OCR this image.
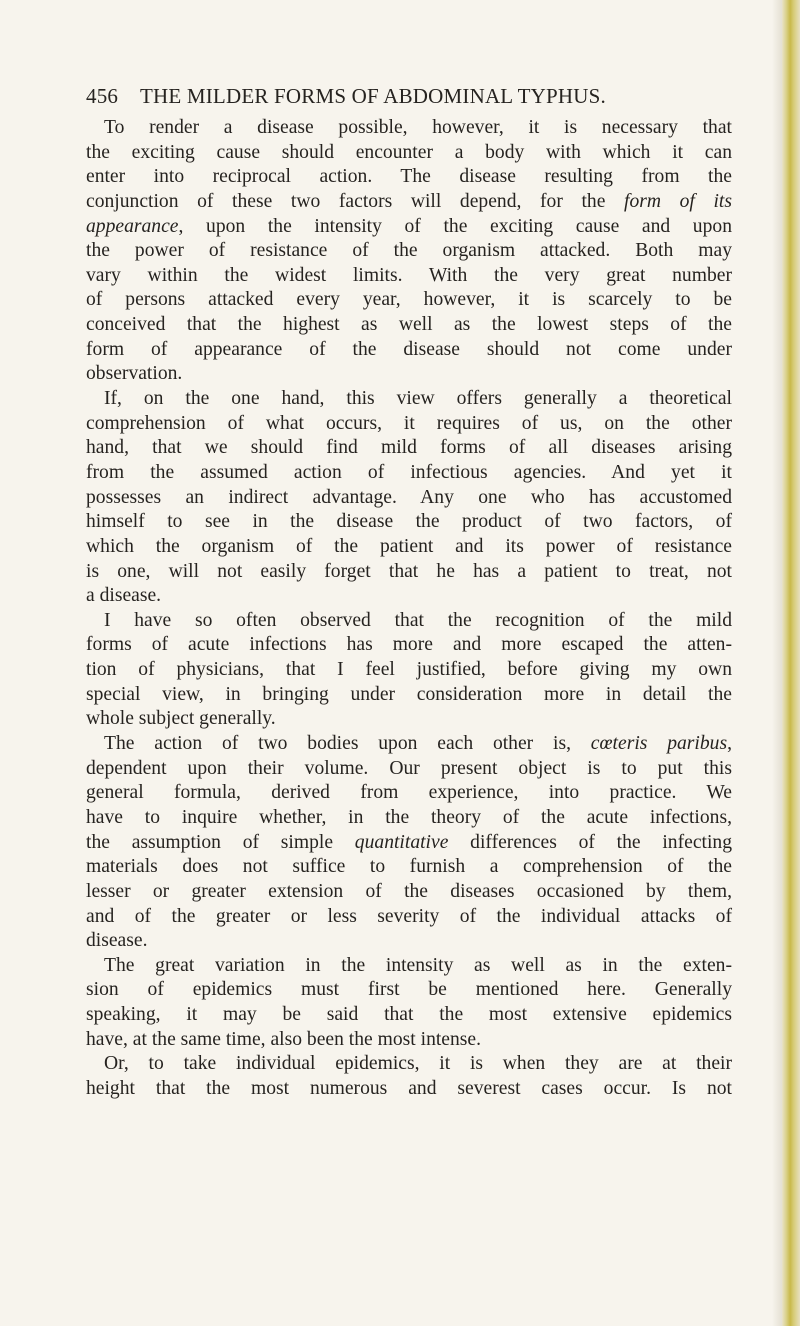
456 THE MILDER FORMS OF ABDOMINAL TYPHUS.
To render a disease possible, however, it is necessary that
the exciting cause should encounter a body with which it can
enter into reciprocal action. The disease resulting from the
conjunction of these two factors will depend, for the form of its
appearance, upon the intensity of the exciting cause and upon
the power of resistance of the organism attacked. Both may
vary within the widest limits. With the very great number
of persons attacked every year, however, it is scarcely to be
conceived that the highest as well as the lowest steps of the
form of appearance of the disease should not come under
observation.
If, on the one hand, this view offers generally a theoretical
comprehension of what occurs, it requires of us, on the other
hand, that we should find mild forms of all diseases arising
from the assumed action of infectious agencies. And yet it
possesses an indirect advantage. Any one who has accustomed
himself to see in the disease the product of two factors, of
which the organism of the patient and its power of resistance
is one, will not easily forget that he has a patient to treat, not
a disease.
I have so often observed that the recognition of the mild
forms of acute infections has more and more escaped the atten-
tion of physicians, that I feel justified, before giving my own
special view, in bringing under consideration more in detail the
whole subject generally.
The action of two bodies upon each other is, cœteris paribus,
dependent upon their volume. Our present object is to put this
general formula, derived from experience, into practice. We
have to inquire whether, in the theory of the acute infections,
the assumption of simple quantitative differences of the infecting
materials does not suffice to furnish a comprehension of the
lesser or greater extension of the diseases occasioned by them,
and of the greater or less severity of the individual attacks of
disease.
The great variation in the intensity as well as in the exten-
sion of epidemics must first be mentioned here. Generally
speaking, it may be said that the most extensive epidemics
have, at the same time, also been the most intense.
Or, to take individual epidemics, it is when they are at their
height that the most numerous and severest cases occur. Is not
